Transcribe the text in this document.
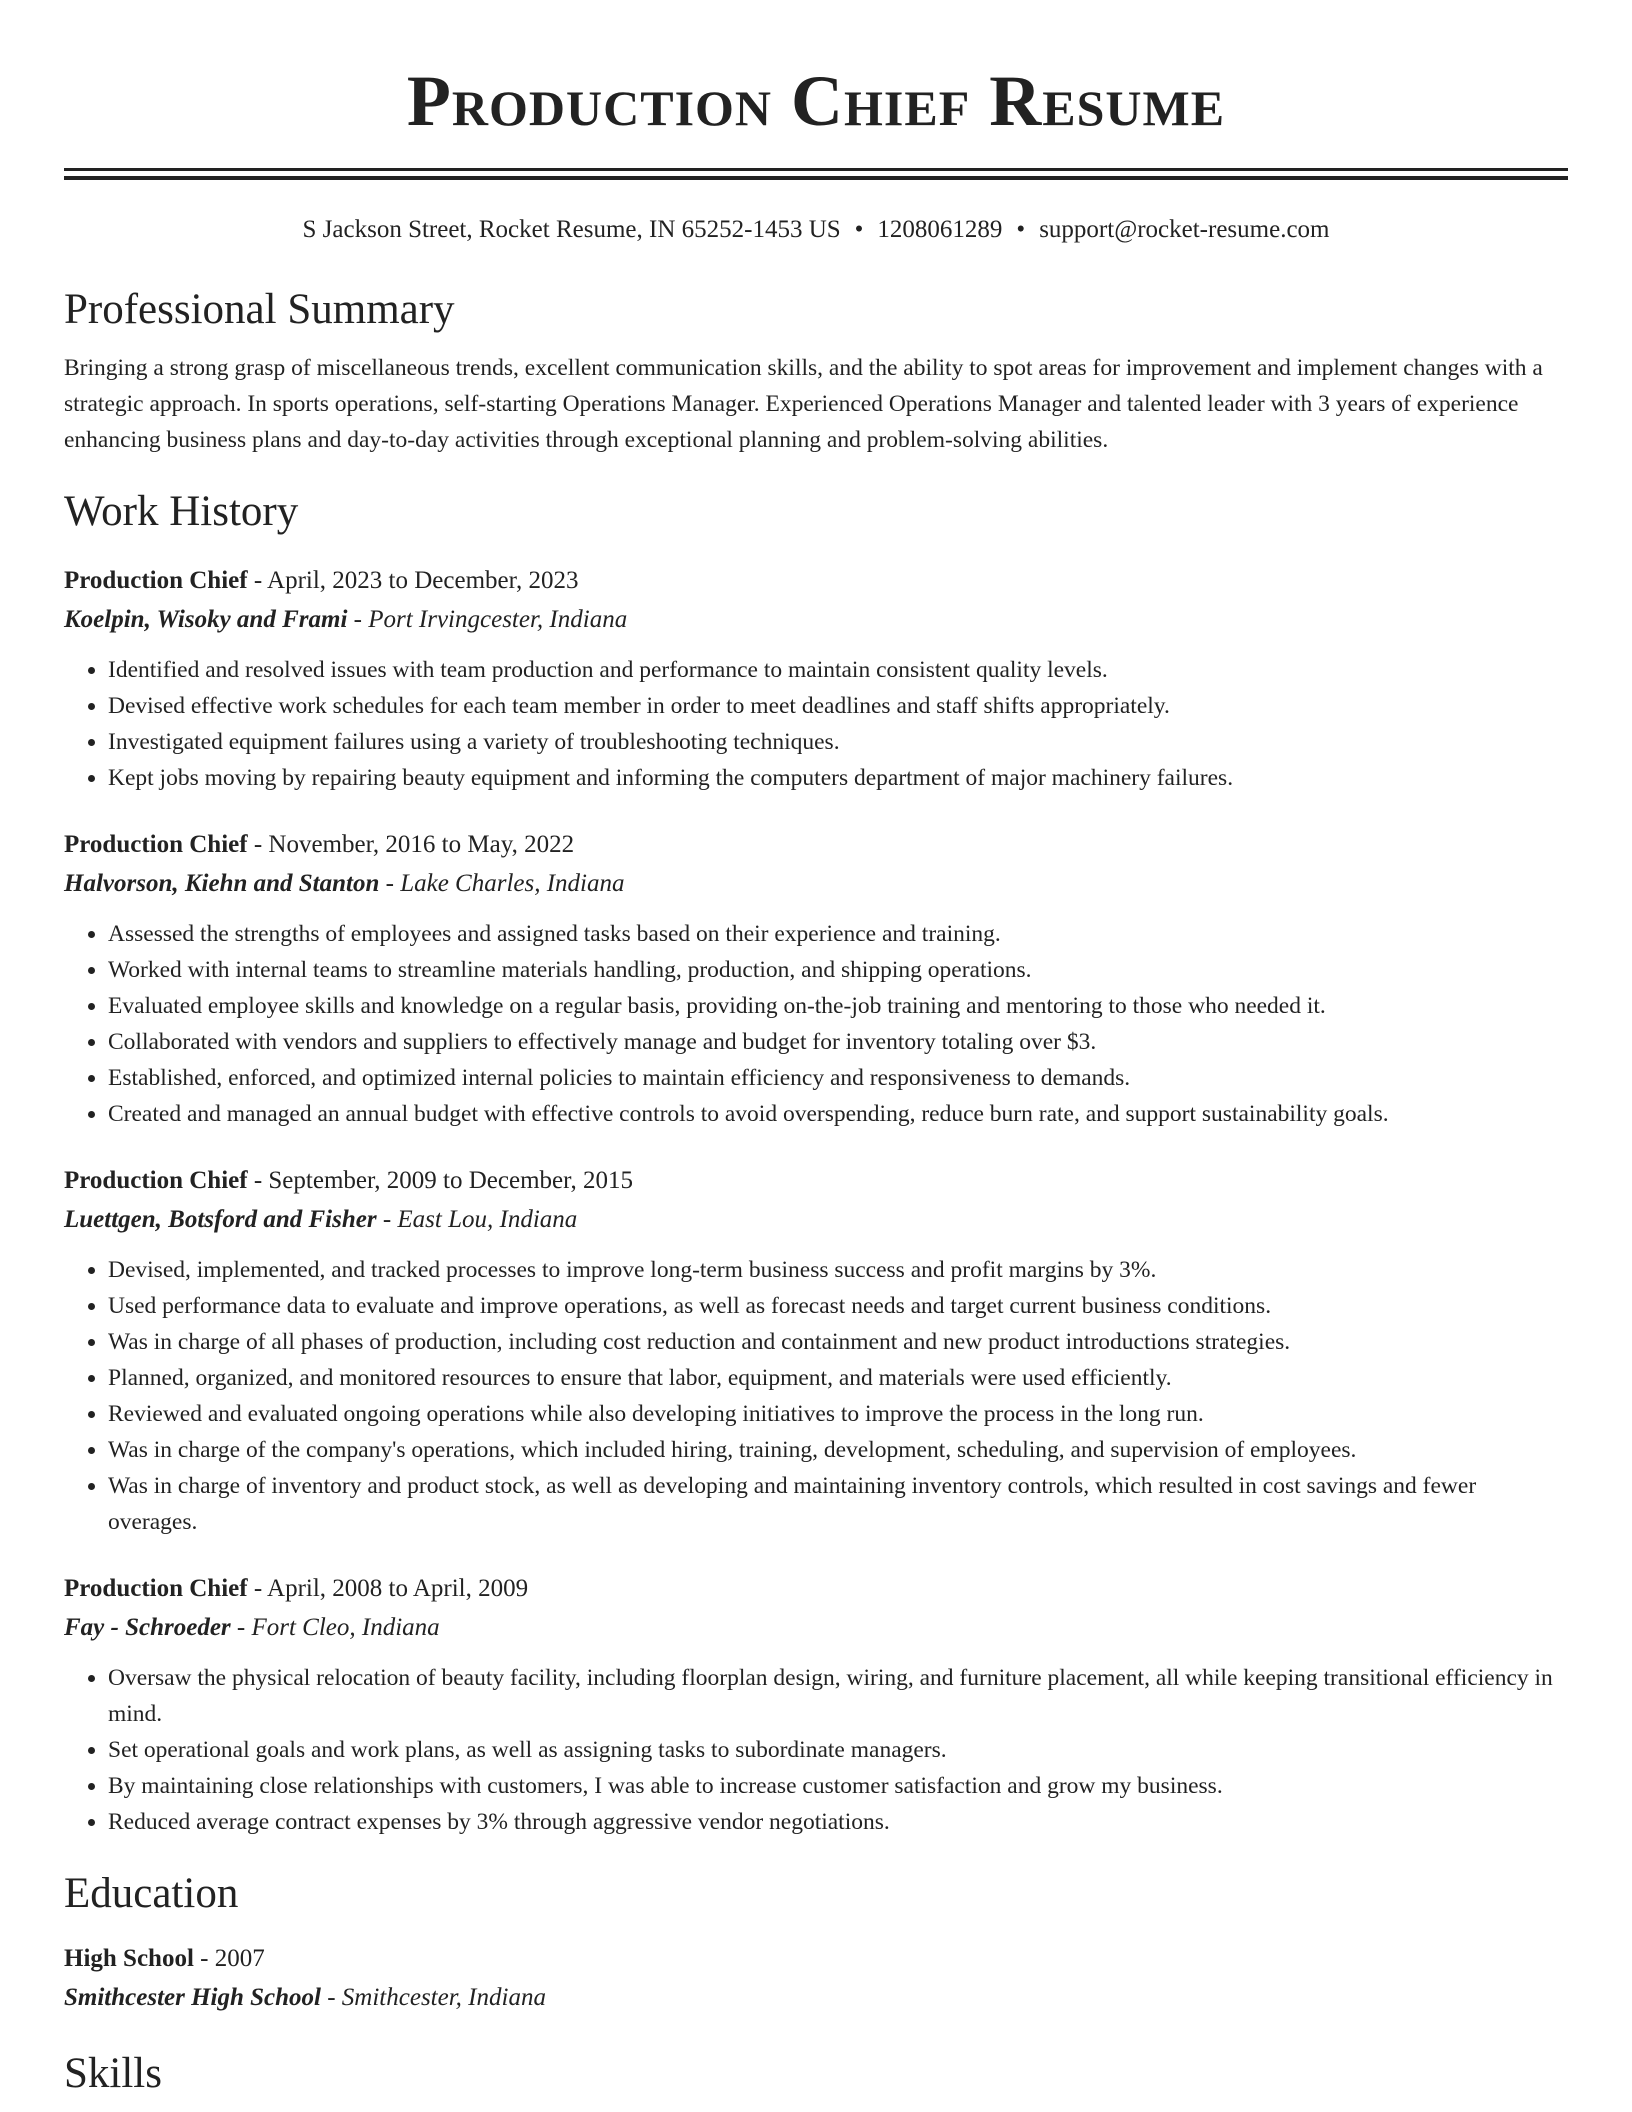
Production Chief Resume
S Jackson Street, Rocket Resume, IN 65252-1453 US • 1208061289 • support@rocket-resume.com
Professional Summary

Bringing a strong grasp of miscellaneous trends, excellent communication skills, and the ability to spot areas for improvement and implement changes with a strategic approach. In sports operations, self-starting Operations Manager. Experienced Operations Manager and talented leader with 3 years of experience enhancing business plans and day-to-day activities through exceptional planning and problem-solving abilities.

Work History
Production Chief - April, 2023 to December, 2023
Koelpin, Wisoky and Frami - Port Irvingcester, Indiana
• Identified and resolved issues with team production and performance to maintain consistent quality levels.
• Devised effective work schedules for each team member in order to meet deadlines and staff shifts appropriately.
• Investigated equipment failures using a variety of troubleshooting techniques.
• Kept jobs moving by repairing beauty equipment and informing the computers department of major machinery failures.
Production Chief - November, 2016 to May, 2022
Halvorson, Kiehn and Stanton - Lake Charles, Indiana
• Assessed the strengths of employees and assigned tasks based on their experience and training.
• Worked with internal teams to streamline materials handling, production, and shipping operations.
• Evaluated employee skills and knowledge on a regular basis, providing on-the-job training and mentoring to those who needed it.
• Collaborated with vendors and suppliers to effectively manage and budget for inventory totaling over $3.
• Established, enforced, and optimized internal policies to maintain efficiency and responsiveness to demands.
• Created and managed an annual budget with effective controls to avoid overspending, reduce burn rate, and support sustainability goals.
Production Chief - September, 2009 to December, 2015
Luettgen, Botsford and Fisher - East Lou, Indiana
• Devised, implemented, and tracked processes to improve long-term business success and profit margins by 3%.
• Used performance data to evaluate and improve operations, as well as forecast needs and target current business conditions.
• Was in charge of all phases of production, including cost reduction and containment and new product introductions strategies.
• Planned, organized, and monitored resources to ensure that labor, equipment, and materials were used efficiently.
• Reviewed and evaluated ongoing operations while also developing initiatives to improve the process in the long run.
• Was in charge of the company's operations, which included hiring, training, development, scheduling, and supervision of employees.
• Was in charge of inventory and product stock, as well as developing and maintaining inventory controls, which resulted in cost savings and fewer overages.
Production Chief - April, 2008 to April, 2009
Fay - Schroeder - Fort Cleo, Indiana
• Oversaw the physical relocation of beauty facility, including floorplan design, wiring, and furniture placement, all while keeping transitional efficiency in mind.
• Set operational goals and work plans, as well as assigning tasks to subordinate managers.
• By maintaining close relationships with customers, I was able to increase customer satisfaction and grow my business.
• Reduced average contract expenses by 3% through aggressive vendor negotiations.
Education
High School - 2007
Smithcester High School - Smithcester, Indiana
Skills
